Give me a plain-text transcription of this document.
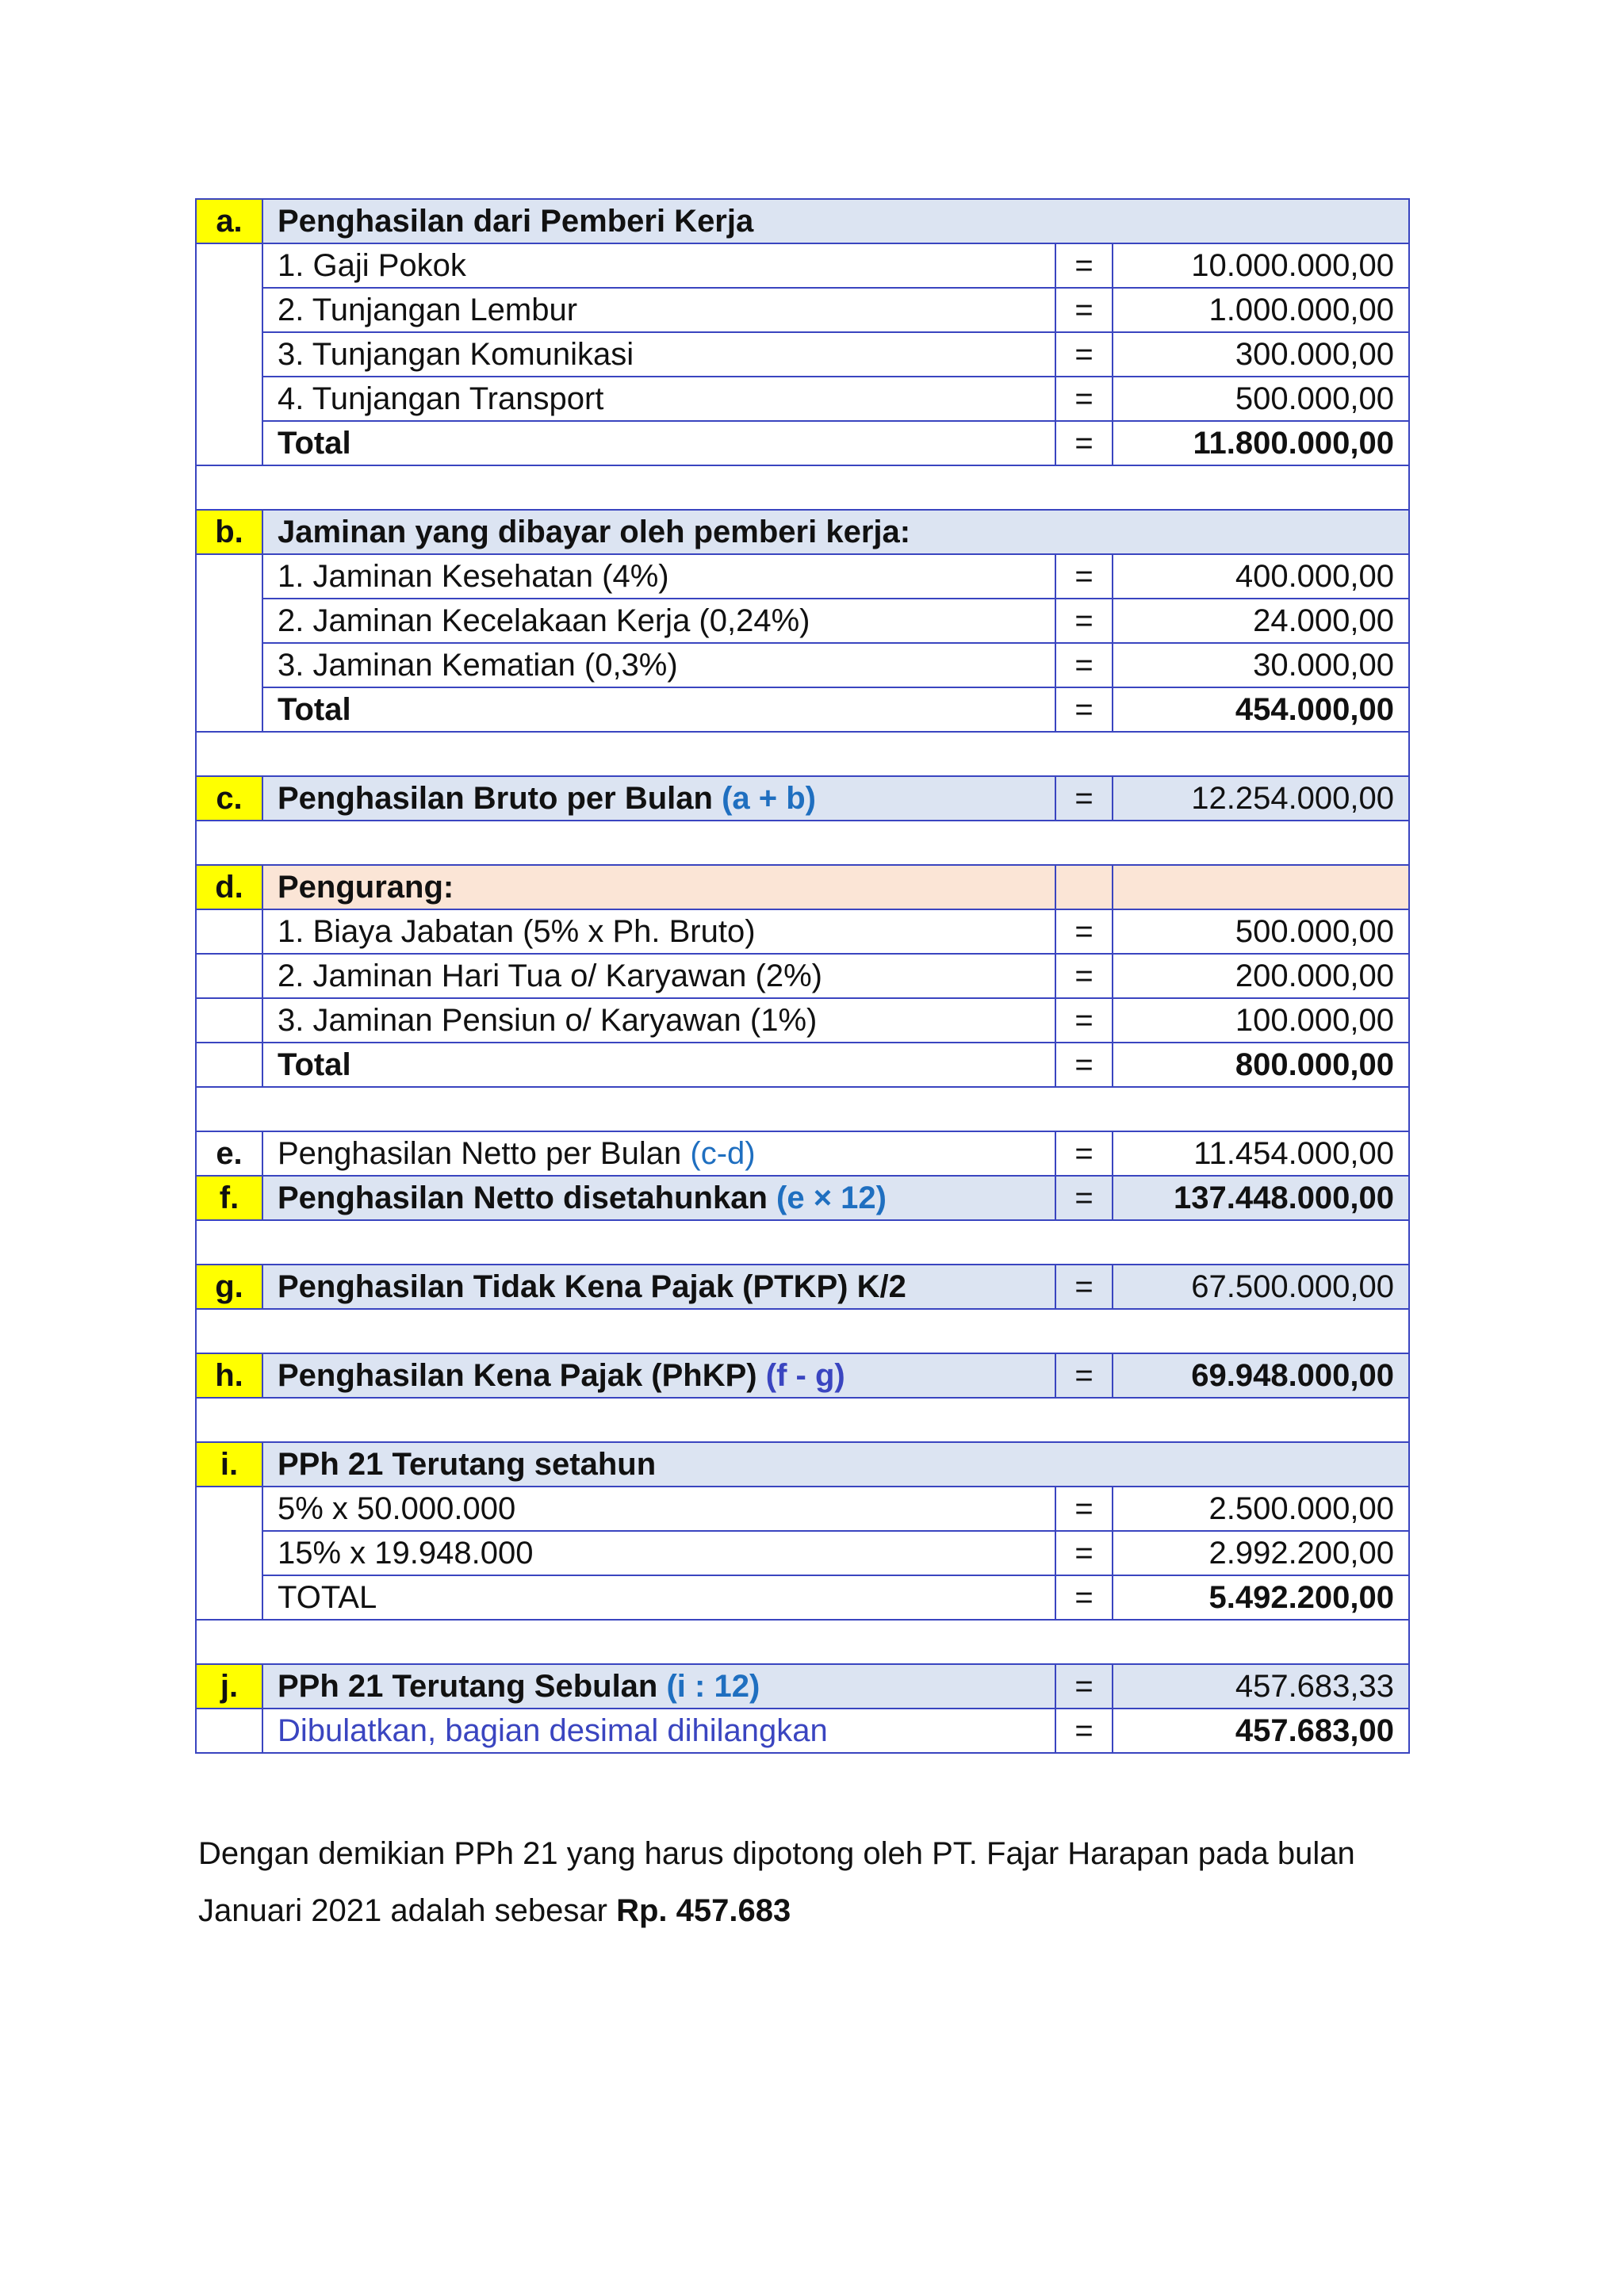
a.	Penghasilan dari Pemberi Kerja		
	1. Gaji Pokok	=	10.000.000,00
	2. Tunjangan Lembur	=	1.000.000,00
	3. Tunjangan Komunikasi	=	300.000,00
	4. Tunjangan Transport	=	500.000,00
	Total	=	11.800.000,00

b.	Jaminan yang dibayar oleh pemberi kerja:		
	1. Jaminan Kesehatan (4%)	=	400.000,00
	2. Jaminan Kecelakaan Kerja (0,24%)	=	24.000,00
	3. Jaminan Kematian (0,3%)	=	30.000,00
	Total	=	454.000,00

c.	Penghasilan Bruto per Bulan (a + b)	=	12.254.000,00

d.	Pengurang:		
	1. Biaya Jabatan (5% x Ph. Bruto)	=	500.000,00
	2. Jaminan Hari Tua o/ Karyawan (2%)	=	200.000,00
	3. Jaminan Pensiun o/ Karyawan (1%)	=	100.000,00
	Total	=	800.000,00

e.	Penghasilan Netto per Bulan (c-d)	=	11.454.000,00
f.	Penghasilan Netto disetahunkan (e × 12)	=	137.448.000,00

g.	Penghasilan Tidak Kena Pajak (PTKP) K/2	=	67.500.000,00

h.	Penghasilan Kena Pajak (PhKP) (f - g)	=	69.948.000,00

i.	PPh 21 Terutang setahun		
	5% x 50.000.000	=	2.500.000,00
	15% x 19.948.000	=	2.992.200,00
	TOTAL	=	5.492.200,00

j.	PPh 21 Terutang Sebulan (i : 12)	=	457.683,33
	Dibulatkan, bagian desimal dihilangkan	=	457.683,00

Dengan demikian PPh 21 yang harus dipotong oleh PT. Fajar Harapan pada bulan Januari 2021 adalah sebesar Rp. 457.683
